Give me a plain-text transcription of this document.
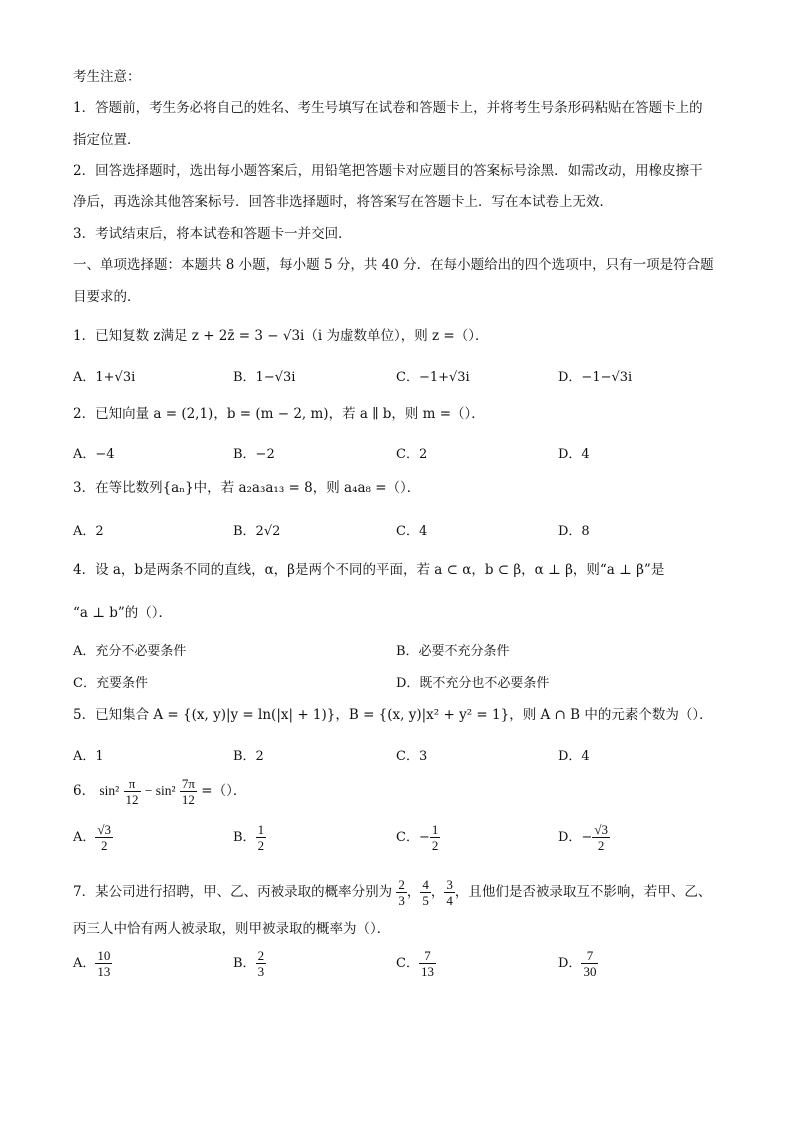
考生注意：
1．答题前，考生务必将自己的姓名、考生号填写在试卷和答题卡上，并将考生号条形码粘贴在答题卡上的
指定位置．
2．回答选择题时，选出每小题答案后，用铅笔把答题卡对应题目的答案标号涂黑．如需改动，用橡皮擦干
净后，再选涂其他答案标号．回答非选择题时，将答案写在答题卡上．写在本试卷上无效．
3．考试结束后，将本试卷和答题卡一并交回．
一、单项选择题：本题共 8 小题，每小题 5 分，共 40 分．在每小题给出的四个选项中，只有一项是符合题
目要求的．
1．已知复数 z满足 z + 2z̄ = 3 − √3i（i 为虚数单位），则 z =（）．
A．1+√3i	B．1−√3i	C．−1+√3i	D．−1−√3i
2．已知向量 a = (2,1)，b = (m − 2, m)，若 a ∥ b，则 m =（）．
A．−4	B．−2	C．2	D．4
3．在等比数列{aₙ}中，若 a₂a₃a₁₃ = 8，则 a₄a₈ =（）．
A．2	B．2√2	C．4	D．8
4．设 a，b是两条不同的直线，α，β是两个不同的平面，若 a ⊂ α，b ⊂ β，α ⊥ β，则“a ⊥ β”是
“a ⊥ b”的（）．
A．充分不必要条件	B．必要不充分条件
C．充要条件	D．既不充分也不必要条件
5．已知集合 A = {(x, y)|y = ln(|x| + 1)}，B = {(x, y)|x² + y² = 1}，则 A ∩ B 中的元素个数为（）．
A．1	B．2	C．3	D．4
6． $\sin^2 \frac{\pi}{12} - \sin^2 \frac{7\pi}{12}$ =（）．
A． $\frac{√3}{2}$	B． $\frac{1}{2}$	C．− $\frac{1}{2}$	D．− $\frac{√3}{2}$
7．某公司进行招聘，甲、乙、丙被录取的概率分别为 $\frac{2}{3}$ ， $\frac{4}{5}$ ， $\frac{3}{4}$ ，且他们是否被录取互不影响，若甲、乙、
丙三人中恰有两人被录取，则甲被录取的概率为（）．
A． $\frac{10}{13}$	B． $\frac{2}{3}$	C． $\frac{7}{13}$	D． $\frac{7}{30}$
